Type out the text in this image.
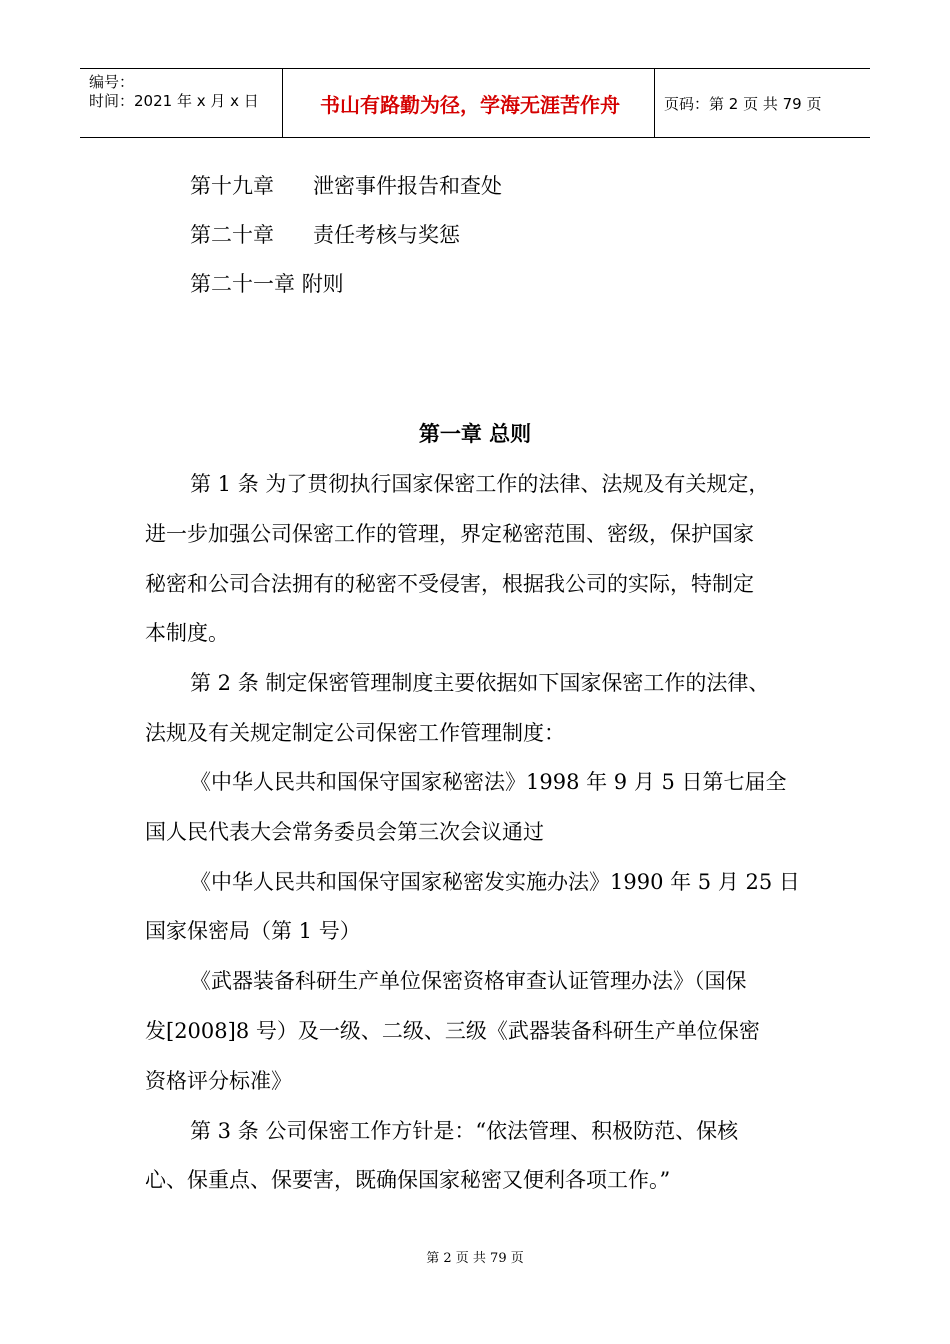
编号：
时间：2021 年 x 月 x 日	书山有路勤为径，学海无涯苦作舟	页码：第 2 页 共 79 页
第十九章 泄密事件报告和查处
第二十章 责任考核与奖惩
第二十一章 附则
第一章 总则
第 1 条 为了贯彻执行国家保密工作的法律、法规及有关规定，
进一步加强公司保密工作的管理，界定秘密范围、密级，保护国家
秘密和公司合法拥有的秘密不受侵害，根据我公司的实际，特制定
本制度。
第 2 条 制定保密管理制度主要依据如下国家保密工作的法律、
法规及有关规定制定公司保密工作管理制度：
《中华人民共和国保守国家秘密法》1998 年 9 月 5 日第七届全
国人民代表大会常务委员会第三次会议通过
《中华人民共和国保守国家秘密发实施办法》1990 年 5 月 25 日
国家保密局（第 1 号）
《武器装备科研生产单位保密资格审查认证管理办法》（国保
发[2008]8 号）及一级、二级、三级《武器装备科研生产单位保密
资格评分标准》
第 3 条 公司保密工作方针是：“依法管理、积极防范、保核
心、保重点、保要害，既确保国家秘密又便利各项工作。”
第 2 页 共 79 页
